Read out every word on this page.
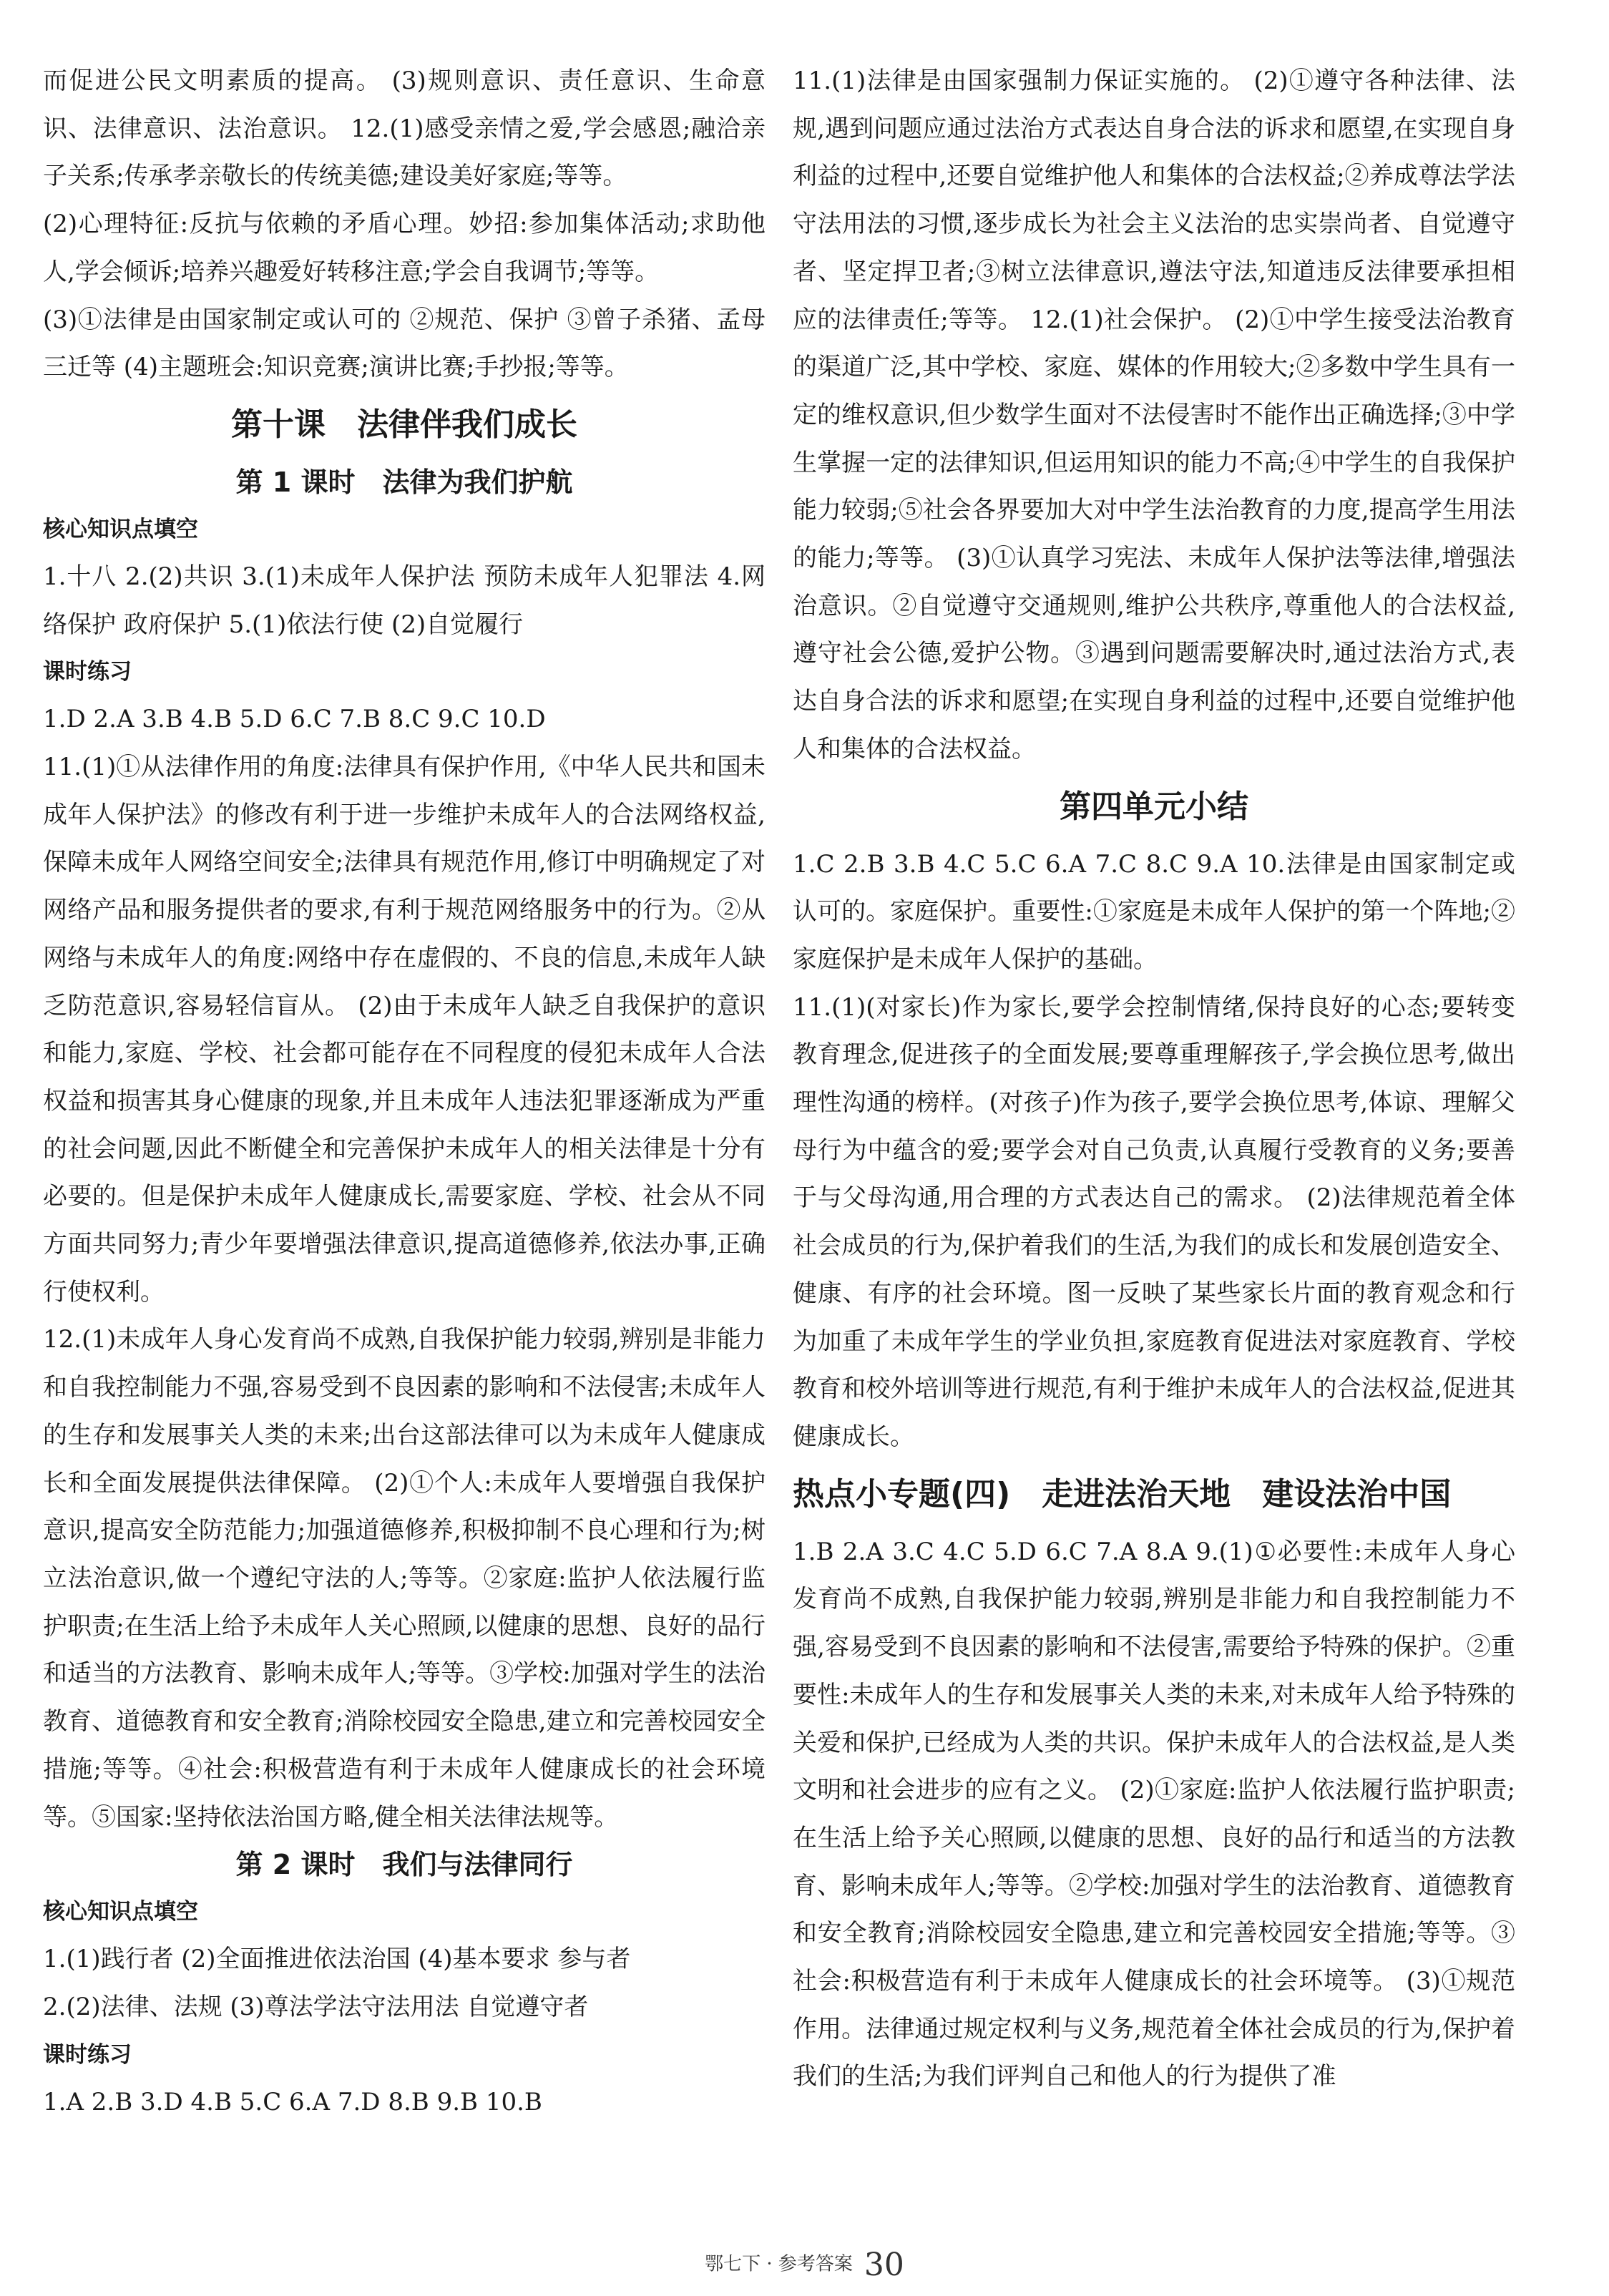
而促进公民文明素质的提高。 (3)规则意识、责任意识、生命意识、法律意识、法治意识。 12.(1)感受亲情之爱,学会感恩;融洽亲子关系;传承孝亲敬长的传统美德;建设美好家庭;等等。

(2)心理特征:反抗与依赖的矛盾心理。妙招:参加集体活动;求助他人,学会倾诉;培养兴趣爱好转移注意;学会自我调节;等等。

(3)①法律是由国家制定或认可的 ②规范、保护 ③曾子杀猪、孟母三迁等 (4)主题班会:知识竞赛;演讲比赛;手抄报;等等。

第十课　法律伴我们成长
第 1 课时　法律为我们护航
核心知识点填空

1.十八 2.(2)共识 3.(1)未成年人保护法 预防未成年人犯罪法 4.网络保护 政府保护 5.(1)依法行使 (2)自觉履行

课时练习

1.D 2.A 3.B 4.B 5.D 6.C 7.B 8.C 9.C 10.D

11.(1)①从法律作用的角度:法律具有保护作用,《中华人民共和国未成年人保护法》的修改有利于进一步维护未成年人的合法网络权益,保障未成年人网络空间安全;法律具有规范作用,修订中明确规定了对网络产品和服务提供者的要求,有利于规范网络服务中的行为。②从网络与未成年人的角度:网络中存在虚假的、不良的信息,未成年人缺乏防范意识,容易轻信盲从。 (2)由于未成年人缺乏自我保护的意识和能力,家庭、学校、社会都可能存在不同程度的侵犯未成年人合法权益和损害其身心健康的现象,并且未成年人违法犯罪逐渐成为严重的社会问题,因此不断健全和完善保护未成年人的相关法律是十分有必要的。但是保护未成年人健康成长,需要家庭、学校、社会从不同方面共同努力;青少年要增强法律意识,提高道德修养,依法办事,正确行使权利。

12.(1)未成年人身心发育尚不成熟,自我保护能力较弱,辨别是非能力和自我控制能力不强,容易受到不良因素的影响和不法侵害;未成年人的生存和发展事关人类的未来;出台这部法律可以为未成年人健康成长和全面发展提供法律保障。 (2)①个人:未成年人要增强自我保护意识,提高安全防范能力;加强道德修养,积极抑制不良心理和行为;树立法治意识,做一个遵纪守法的人;等等。②家庭:监护人依法履行监护职责;在生活上给予未成年人关心照顾,以健康的思想、良好的品行和适当的方法教育、影响未成年人;等等。③学校:加强对学生的法治教育、道德教育和安全教育;消除校园安全隐患,建立和完善校园安全措施;等等。④社会:积极营造有利于未成年人健康成长的社会环境等。⑤国家:坚持依法治国方略,健全相关法律法规等。

第 2 课时　我们与法律同行
核心知识点填空

1.(1)践行者 (2)全面推进依法治国 (4)基本要求 参与者

2.(2)法律、法规 (3)尊法学法守法用法 自觉遵守者

课时练习

1.A 2.B 3.D 4.B 5.C 6.A 7.D 8.B 9.B 10.B

11.(1)法律是由国家强制力保证实施的。 (2)①遵守各种法律、法规,遇到问题应通过法治方式表达自身合法的诉求和愿望,在实现自身利益的过程中,还要自觉维护他人和集体的合法权益;②养成尊法学法守法用法的习惯,逐步成长为社会主义法治的忠实崇尚者、自觉遵守者、坚定捍卫者;③树立法律意识,遵法守法,知道违反法律要承担相应的法律责任;等等。 12.(1)社会保护。 (2)①中学生接受法治教育的渠道广泛,其中学校、家庭、媒体的作用较大;②多数中学生具有一定的维权意识,但少数学生面对不法侵害时不能作出正确选择;③中学生掌握一定的法律知识,但运用知识的能力不高;④中学生的自我保护能力较弱;⑤社会各界要加大对中学生法治教育的力度,提高学生用法的能力;等等。 (3)①认真学习宪法、未成年人保护法等法律,增强法治意识。②自觉遵守交通规则,维护公共秩序,尊重他人的合法权益,遵守社会公德,爱护公物。③遇到问题需要解决时,通过法治方式,表达自身合法的诉求和愿望;在实现自身利益的过程中,还要自觉维护他人和集体的合法权益。

第四单元小结

1.C 2.B 3.B 4.C 5.C 6.A 7.C 8.C 9.A 10.法律是由国家制定或认可的。家庭保护。重要性:①家庭是未成年人保护的第一个阵地;②家庭保护是未成年人保护的基础。

11.(1)(对家长)作为家长,要学会控制情绪,保持良好的心态;要转变教育理念,促进孩子的全面发展;要尊重理解孩子,学会换位思考,做出理性沟通的榜样。(对孩子)作为孩子,要学会换位思考,体谅、理解父母行为中蕴含的爱;要学会对自己负责,认真履行受教育的义务;要善于与父母沟通,用合理的方式表达自己的需求。 (2)法律规范着全体社会成员的行为,保护着我们的生活,为我们的成长和发展创造安全、健康、有序的社会环境。图一反映了某些家长片面的教育观念和行为加重了未成年学生的学业负担,家庭教育促进法对家庭教育、学校教育和校外培训等进行规范,有利于维护未成年人的合法权益,促进其健康成长。

热点小专题(四)　走进法治天地　建设法治中国

1.B 2.A 3.C 4.C 5.D 6.C 7.A 8.A 9.(1)①必要性:未成年人身心发育尚不成熟,自我保护能力较弱,辨别是非能力和自我控制能力不强,容易受到不良因素的影响和不法侵害,需要给予特殊的保护。②重要性:未成年人的生存和发展事关人类的未来,对未成年人给予特殊的关爱和保护,已经成为人类的共识。保护未成年人的合法权益,是人类文明和社会进步的应有之义。 (2)①家庭:监护人依法履行监护职责;在生活上给予关心照顾,以健康的思想、良好的品行和适当的方法教育、影响未成年人;等等。②学校:加强对学生的法治教育、道德教育和安全教育;消除校园安全隐患,建立和完善校园安全措施;等等。③社会:积极营造有利于未成年人健康成长的社会环境等。 (3)①规范作用。法律通过规定权利与义务,规范着全体社会成员的行为,保护着我们的生活;为我们评判自己和他人的行为提供了准

鄂七下 · 参考答案 30
